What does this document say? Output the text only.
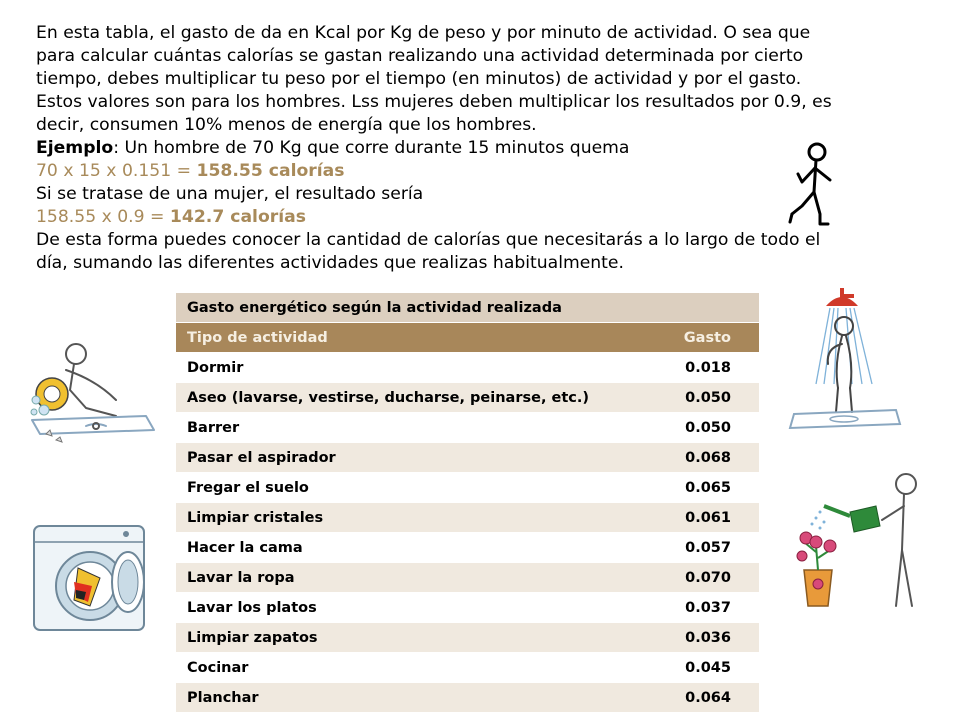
En esta tabla, el gasto de da en Kcal por Kg de peso y por minuto de actividad. O sea que
para calcular cuántas calorías se gastan realizando una actividad determinada por cierto
tiempo, debes multiplicar tu peso por el tiempo (en minutos) de actividad y por el gasto.
Estos valores son para los hombres. Lss mujeres deben multiplicar los resultados por 0.9, es
decir, consumen 10% menos de energía que los hombres.
Ejemplo: Un hombre de 70 Kg que corre durante 15 minutos quema
70 x 15 x 0.151 = 158.55 calorías
Si se tratase de una mujer, el resultado sería
158.55 x 0.9 = 142.7 calorías
De esta forma puedes conocer la cantidad de calorías que necesitarás a lo largo de todo el
día, sumando las diferentes actividades que realizas habitualmente.
Gasto energético según la actividad realizada	
Tipo de actividad	Gasto
Dormir	0.018
Aseo (lavarse, vestirse, ducharse, peinarse, etc.)	0.050
Barrer	0.050
Pasar el aspirador	0.068
Fregar el suelo	0.065
Limpiar cristales	0.061
Hacer la cama	0.057
Lavar la ropa	0.070
Lavar los platos	0.037
Limpiar zapatos	0.036
Cocinar	0.045
Planchar	0.064
